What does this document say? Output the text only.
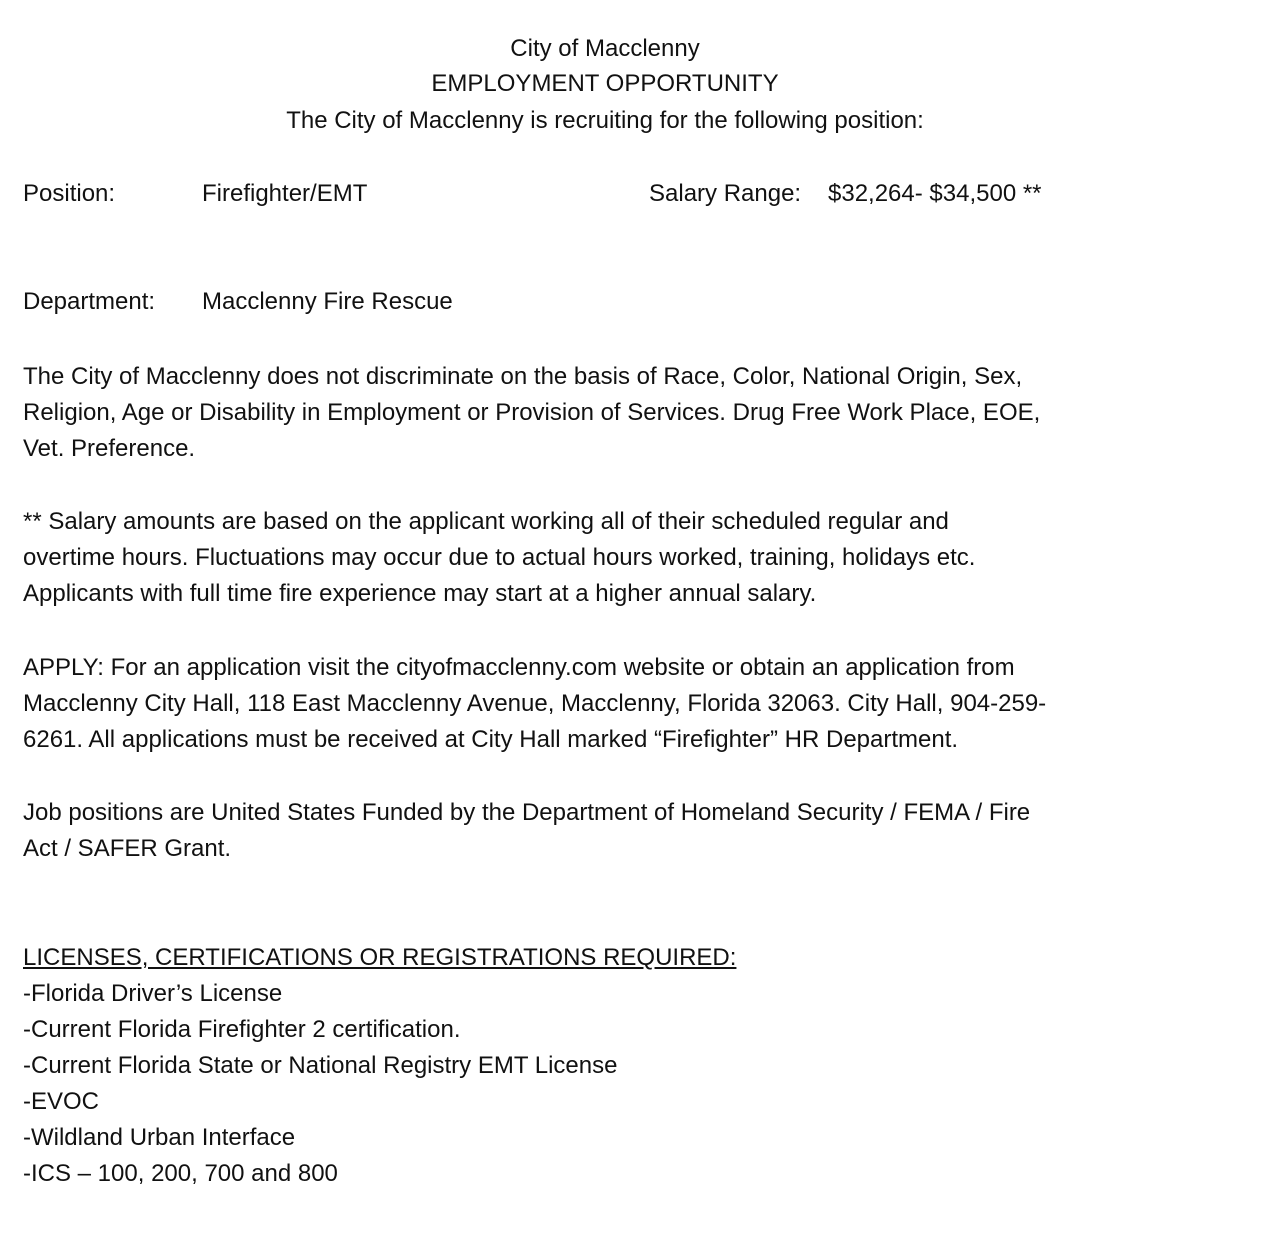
City of Macclenny
EMPLOYMENT OPPORTUNITY
The City of Macclenny is recruiting for the following position:
Position:	Firefighter/EMT	Salary Range: $32,264- $34,500 **
Department: Macclenny Fire Rescue
The City of Macclenny does not discriminate on the basis of Race, Color, National Origin, Sex,
Religion, Age or Disability in Employment or Provision of Services. Drug Free Work Place, EOE,
Vet. Preference.
** Salary amounts are based on the applicant working all of their scheduled regular and
overtime hours. Fluctuations may occur due to actual hours worked, training, holidays etc.
Applicants with full time fire experience may start at a higher annual salary.
APPLY: For an application visit the cityofmacclenny.com website or obtain an application from
Macclenny City Hall, 118 East Macclenny Avenue, Macclenny, Florida 32063. City Hall, 904-259-
6261. All applications must be received at City Hall marked “Firefighter” HR Department.
Job positions are United States Funded by the Department of Homeland Security / FEMA / Fire
Act / SAFER Grant.
LICENSES, CERTIFICATIONS OR REGISTRATIONS REQUIRED:
-Florida Driver’s License
-Current Florida Firefighter 2 certification.
-Current Florida State or National Registry EMT License
-EVOC
-Wildland Urban Interface
-ICS – 100, 200, 700 and 800
